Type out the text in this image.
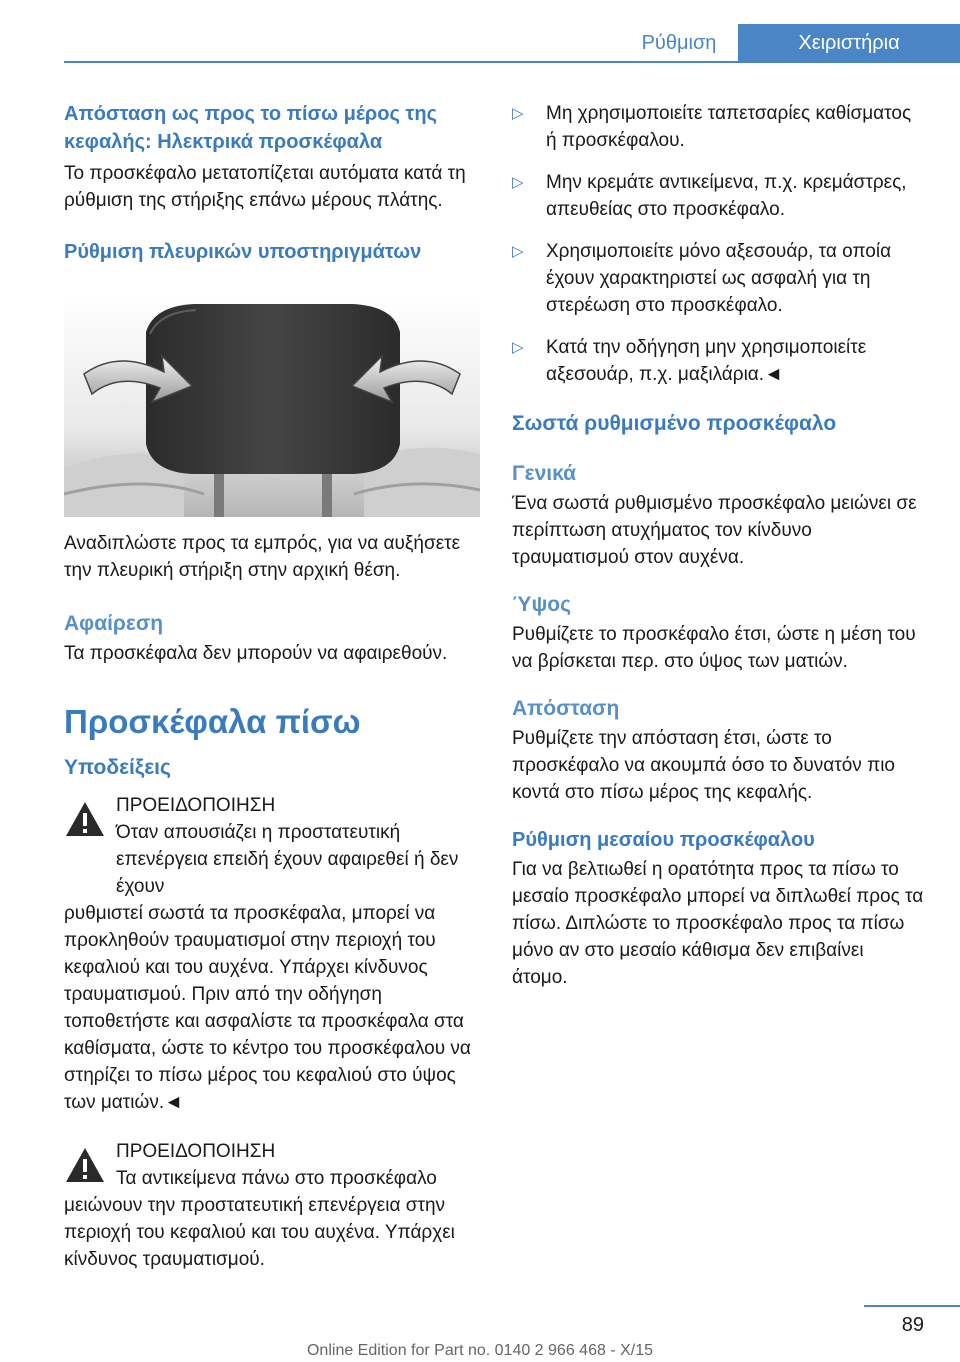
Ρύθμιση	Χειριστήρια
Απόσταση ως προς το πίσω μέρος της κεφαλής: Ηλεκτρικά προσκέφαλα

Το προσκέφαλο μετατοπίζεται αυτόματα κατά τη ρύθμιση της στήριξης επάνω μέρους πλάτης.

Ρύθμιση πλευρικών υποστηριγμάτων

Αναδιπλώστε προς τα εμπρός, για να αυξήσετε την πλευρική στήριξη στην αρχική θέση.

Αφαίρεση

Τα προσκέφαλα δεν μπορούν να αφαιρεθούν.

Προσκέφαλα πίσω
Υποδείξεις

ΠΡΟΕΙΔΟΠΟΙΗΣΗ

Όταν απουσιάζει η προστατευτική επενέργεια επειδή έχουν αφαιρεθεί ή δεν έχουν

ρυθμιστεί σωστά τα προσκέφαλα, μπορεί να προκληθούν τραυματισμοί στην περιοχή του κεφαλιού και του αυχένα. Υπάρχει κίνδυνος τραυματισμού. Πριν από την οδήγηση τοποθετήστε και ασφαλίστε τα προσκέφαλα στα καθίσματα, ώστε το κέντρο του προσκέφαλου να στηρίζει το πίσω μέρος του κεφαλιού στο ύψος των ματιών.◄

ΠΡΟΕΙΔΟΠΟΙΗΣΗ

Τα αντικείμενα πάνω στο προσκέφαλο

μειώνουν την προστατευτική επενέργεια στην περιοχή του κεφαλιού και του αυχένα. Υπάρχει κίνδυνος τραυματισμού.

▷	Μη χρησιμοποιείτε ταπετσαρίες καθίσματος ή προσκέφαλου.

▷	Μην κρεμάτε αντικείμενα, π.χ. κρεμάστρες, απευθείας στο προσκέφαλο.

▷	Χρησιμοποιείτε μόνο αξεσουάρ, τα οποία έχουν χαρακτηριστεί ως ασφαλή για τη στερέωση στο προσκέφαλο.

▷	Κατά την οδήγηση μην χρησιμοποιείτε αξεσουάρ, π.χ. μαξιλάρια.◄

Σωστά ρυθμισμένο προσκέφαλο
Γενικά

Ένα σωστά ρυθμισμένο προσκέφαλο μειώνει σε περίπτωση ατυχήματος τον κίνδυνο τραυματισμού στον αυχένα.

Ύψος

Ρυθμίζετε το προσκέφαλο έτσι, ώστε η μέση του να βρίσκεται περ. στο ύψος των ματιών.

Απόσταση

Ρυθμίζετε την απόσταση έτσι, ώστε το προσκέφαλο να ακουμπά όσο το δυνατόν πιο κοντά στο πίσω μέρος της κεφαλής.

Ρύθμιση μεσαίου προσκέφαλου

Για να βελτιωθεί η ορατότητα προς τα πίσω το μεσαίο προσκέφαλο μπορεί να διπλωθεί προς τα πίσω. Διπλώστε το προσκέφαλο προς τα πίσω μόνο αν στο μεσαίο κάθισμα δεν επιβαίνει άτομο.

89
Online Edition for Part no. 0140 2 966 468 - X/15
